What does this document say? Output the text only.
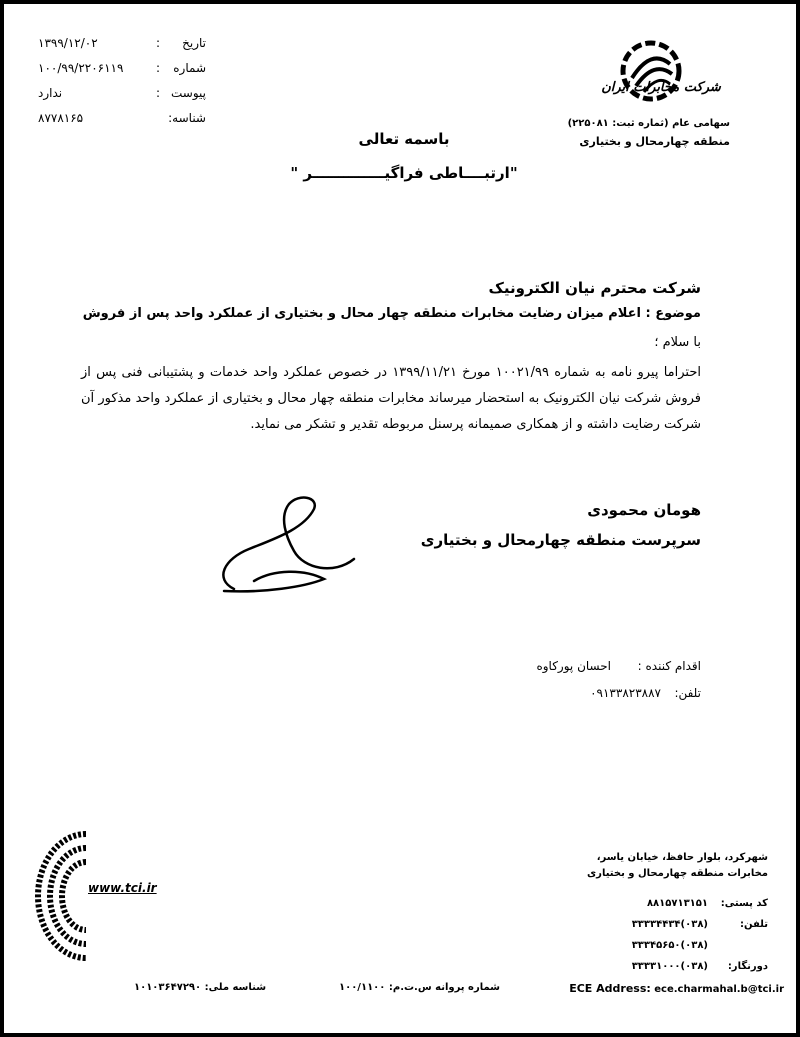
تاریخ
:
۱۳۹۹/۱۲/۰۲
شماره
:
۱۰۰/۹۹/۲۲۰۶۱۱۹
پیوست
:
ندارد
شناسه:
۸۷۷۸۱۶۵
شرکت مخابرات ایران
سهامی عام (ثماره ثبت: ۲۲۵۰۸۱)
منطقه چهارمحال و بختیاری
باسمه تعالی
"ارتبــــاطی فراگیــــــــــــــر "
شرکت محترم نیان الکترونیک
موضوع : اعلام میزان رضایت مخابرات منطقه چهار محال و بختیاری از عملکرد واحد پس از فروش
با سلام ؛
احتراما پیرو نامه به شماره ۱۰۰۲۱/۹۹ مورخ ۱۳۹۹/۱۱/۲۱ در خصوص عملکرد واحد خدمات و پشتیبانی فنی پس از فروش شرکت نیان الکترونیک به استحضار میرساند مخابرات منطقه چهار محال و بختیاری از عملکرد واحد مذکور آن شرکت رضایت داشته و از همکاری صمیمانه پرسنل مربوطه تقدیر و تشکر می نماید.
هومان محمودی
سرپرست منطقه چهارمحال و بختیاری
اقدام کننده :
احسان پورکاوه
تلفن:
۰۹۱۳۳۸۲۳۸۸۷
www.tci.ir
شهرکرد، بلوار حافظ، خیابان یاسر،
مخابرات منطقه چهارمحال و بختیاری
کد پستی:
۸۸۱۵۷۱۳۱۵۱
تلفن:
(۰۳۸)۳۳۳۳۴۴۳۴
(۰۳۸)۳۳۳۴۵۶۵۰
دورنگار:
(۰۳۸)۳۳۳۳۱۰۰۰
ECE Address: ece.charmahal.b@tci.ir
شماره پروانه س.ت.م: ۱۰۰/۱۱۰۰
شناسه ملی: ۱۰۱۰۳۶۴۷۲۹۰
